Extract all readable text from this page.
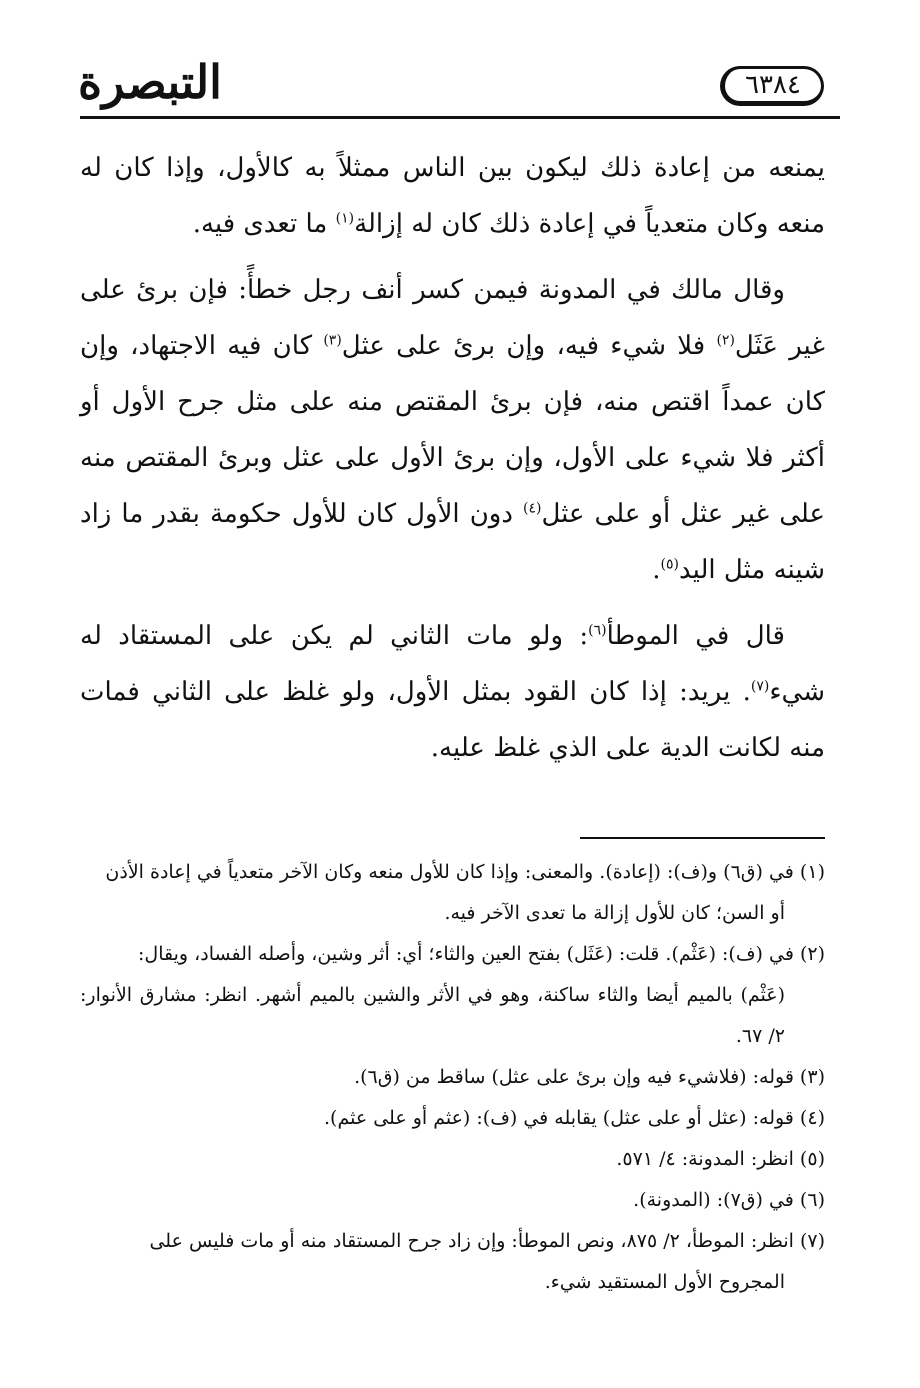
التبصرة	٦٣٨٤

يمنعه من إعادة ذلك ليكون بين الناس ممثلاً به كالأول، وإذا كان له منعه وكان متعدياً في إعادة ذلك كان له إزالة$^{(١)}$ ما تعدى فيه.

وقال مالك في المدونة فيمن كسر أنف رجل خطأً: فإن برئ على غير عَثَل$^{(٢)}$ فلا شيء فيه، وإن برئ على عثل$^{(٣)}$ كان فيه الاجتهاد، وإن كان عمداً اقتص منه، فإن برئ المقتص منه على مثل جرح الأول أو أكثر فلا شيء على الأول، وإن برئ الأول على عثل وبرئ المقتص منه على غير عثل أو على عثل$^{(٤)}$ دون الأول كان للأول حكومة بقدر ما زاد شينه مثل اليد$^{(٥)}$.

قال في الموطأ$^{(٦)}$: ولو مات الثاني لم يكن على المستقاد له شيء$^{(٧)}$. يريد: إذا كان القود بمثل الأول، ولو غلظ على الثاني فمات منه لكانت الدية على الذي غلظ عليه.

(١) في (ق٦) و(ف): (إعادة). والمعنى: وإذا كان للأول منعه وكان الآخر متعدياً في إعادة الأذن
أو السن؛ كان للأول إزالة ما تعدى الآخر فيه.
(٢) في (ف): (عَثْم). قلت: (عَثَل) بفتح العين والثاء؛ أي: أثر وشين، وأصله الفساد، ويقال:
(عَثْم) بالميم أيضا والثاء ساكنة، وهو في الأثر والشين بالميم أشهر. انظر: مشارق الأنوار: ٢/ ٦٧.
(٣) قوله: (فلاشيء فيه وإن برئ على عثل) ساقط من (ق٦).
(٤) قوله: (عثل أو على عثل) يقابله في (ف): (عثم أو على عثم).
(٥) انظر: المدونة: ٤/ ٥٧١.
(٦) في (ق٧): (المدونة).
(٧) انظر: الموطأ، ٢/ ٨٧٥، ونص الموطأ: وإن زاد جرح المستقاد منه أو مات فليس على
المجروح الأول المستقيد شيء.
